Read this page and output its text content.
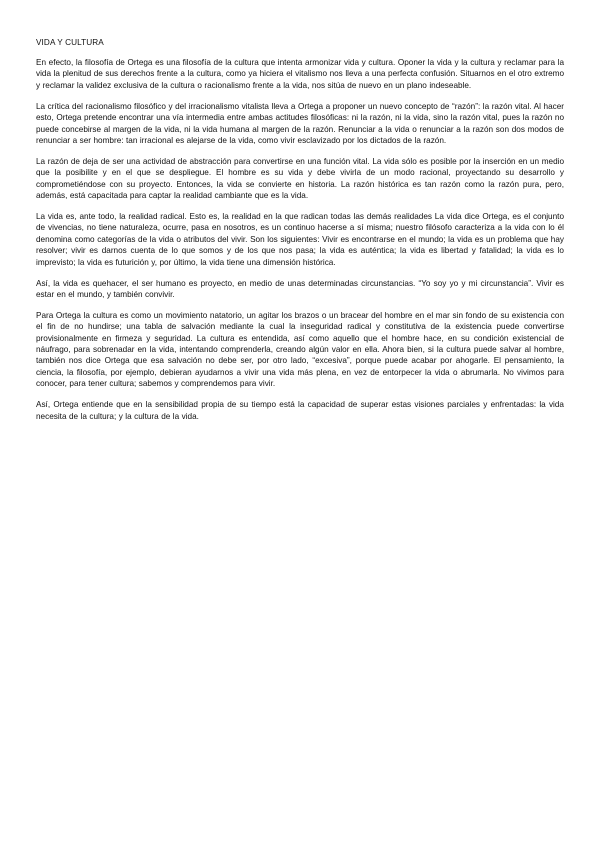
VIDA Y CULTURA

En efecto, la filosofía de Ortega es una filosofía de la cultura que intenta armonizar vida y cultura. Oponer la vida y la cultura y reclamar para la vida la plenitud de sus derechos frente a la cultura, como ya hiciera el vitalismo nos lleva a una perfecta confusión. Situarnos en el otro extremo y reclamar la validez exclusiva de la cultura o racionalismo frente a la vida, nos sitúa de nuevo en un plano indeseable.

La crítica del racionalismo filosófico y del irracionalismo vitalista lleva a Ortega a proponer un nuevo concepto de “razón”: la razón vital. Al hacer esto, Ortega pretende encontrar una vía intermedia entre ambas actitudes filosóficas: ni la razón, ni la vida, sino la razón vital, pues la razón no puede concebirse al margen de la vida, ni la vida humana al margen de la razón. Renunciar a la vida o renunciar a la razón son dos modos de renunciar a ser hombre: tan irracional es alejarse de la vida, como vivir esclavizado por los dictados de la razón.

La razón de deja de ser una actividad de abstracción para convertirse en una función vital. La vida sólo es posible por la inserción en un medio que la posibilite y en el que se despliegue. El hombre es su vida y debe vivirla de un modo racional, proyectando su desarrollo y comprometiéndose con su proyecto. Entonces, la vida se convierte en historia. La razón histórica es tan razón como la razón pura, pero, además, está capacitada para captar la realidad cambiante que es la vida.

La vida es, ante todo, la realidad radical. Esto es, la realidad en la que radican todas las demás realidades La vida dice Ortega, es el conjunto de vivencias, no tiene naturaleza, ocurre, pasa en nosotros, es un continuo hacerse a sí misma; nuestro filósofo caracteriza a la vida con lo él denomina como categorías de la vida o atributos del vivir. Son los siguientes: Vivir es encontrarse en el mundo; la vida es un problema que hay resolver; vivir es darnos cuenta de lo que somos y de los que nos pasa; la vida es auténtica; la vida es libertad y fatalidad; la vida es lo imprevisto; la vida es futurición y, por último, la vida tiene una dimensión histórica.

Así, la vida es quehacer, el ser humano es proyecto, en medio de unas determinadas circunstancias. “Yo soy yo y mi circunstancia”. Vivir es estar en el mundo, y también convivir.

Para Ortega la cultura es como un movimiento natatorio, un agitar los brazos o un bracear del hombre en el mar sin fondo de su existencia con el fin de no hundirse; una tabla de salvación mediante la cual la inseguridad radical y constitutiva de la existencia puede convertirse provisionalmente en firmeza y seguridad. La cultura es entendida, así como aquello que el hombre hace, en su condición existencial de náufrago, para sobrenadar en la vida, intentando comprenderla, creando algún valor en ella. Ahora bien, si la cultura puede salvar al hombre, también nos dice Ortega que esa salvación no debe ser, por otro lado, “excesiva”, porque puede acabar por ahogarle. El pensamiento, la ciencia, la filosofía, por ejemplo, debieran ayudarnos a vivir una vida más plena, en vez de entorpecer la vida o abrumarla. No vivimos para conocer, para tener cultura; sabemos y comprendemos para vivir.

Así, Ortega entiende que en la sensibilidad propia de su tiempo está la capacidad de superar estas visiones parciales y enfrentadas: la vida necesita de la cultura; y la cultura de la vida.
